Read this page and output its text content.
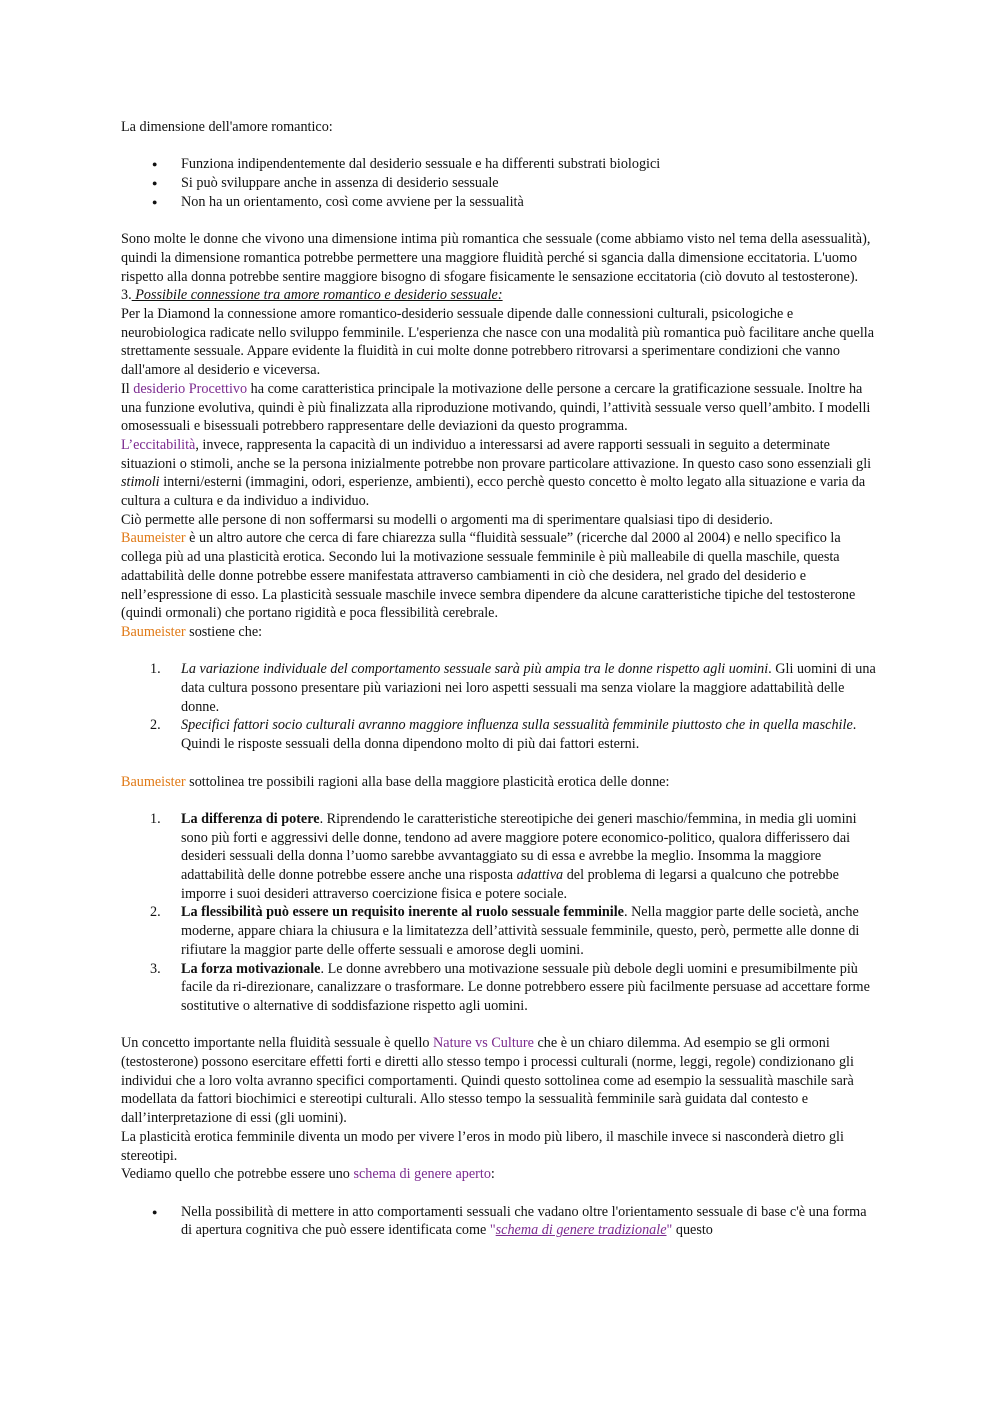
La dimensione dell'amore romantico:

● Funziona indipendentemente dal desiderio sessuale e ha differenti substrati biologici
● Si può sviluppare anche in assenza di desiderio sessuale
● Non ha un orientamento, così come avviene per la sessualità

Sono molte le donne che vivono una dimensione intima più romantica che sessuale (come abbiamo visto nel tema della asessualità), quindi la dimensione romantica potrebbe permettere una maggiore fluidità perché si sgancia dalla dimensione eccitatoria. L'uomo rispetto alla donna potrebbe sentire maggiore bisogno di sfogare fisicamente le sensazione eccitatoria (ciò dovuto al testosterone).

3. Possibile connessione tra amore romantico e desiderio sessuale:

Per la Diamond la connessione amore romantico-desiderio sessuale dipende dalle connessioni culturali, psicologiche e neurobiologica radicate nello sviluppo femminile. L'esperienza che nasce con una modalità più romantica può facilitare anche quella strettamente sessuale. Appare evidente la fluidità in cui molte donne potrebbero ritrovarsi a sperimentare condizioni che vanno dall'amore al desiderio e viceversa.

Il desiderio Procettivo ha come caratteristica principale la motivazione delle persone a cercare la gratificazione sessuale. Inoltre ha una funzione evolutiva, quindi è più finalizzata alla riproduzione motivando, quindi, l’attività sessuale verso quell’ambito. I modelli omosessuali e bisessuali potrebbero rappresentare delle deviazioni da questo programma.

L’eccitabilità, invece, rappresenta la capacità di un individuo a interessarsi ad avere rapporti sessuali in seguito a determinate situazioni o stimoli, anche se la persona inizialmente potrebbe non provare particolare attivazione. In questo caso sono essenziali gli stimoli interni/esterni (immagini, odori, esperienze, ambienti), ecco perchè questo concetto è molto legato alla situazione e varia da cultura a cultura e da individuo a individuo.

Ciò permette alle persone di non soffermarsi su modelli o argomenti ma di sperimentare qualsiasi tipo di desiderio.

Baumeister è un altro autore che cerca di fare chiarezza sulla “fluidità sessuale” (ricerche dal 2000 al 2004) e nello specifico la collega più ad una plasticità erotica. Secondo lui la motivazione sessuale femminile è più malleabile di quella maschile, questa adattabilità delle donne potrebbe essere manifestata attraverso cambiamenti in ciò che desidera, nel grado del desiderio e nell’espressione di esso. La plasticità sessuale maschile invece sembra dipendere da alcune caratteristiche tipiche del testosterone (quindi ormonali) che portano rigidità e poca flessibilità cerebrale.

Baumeister sostiene che:

1. La variazione individuale del comportamento sessuale sarà più ampia tra le donne rispetto agli uomini. Gli uomini di una data cultura possono presentare più variazioni nei loro aspetti sessuali ma senza violare la maggiore adattabilità delle donne.
2. Specifici fattori socio culturali avranno maggiore influenza sulla sessualità femminile piuttosto che in quella maschile. Quindi le risposte sessuali della donna dipendono molto di più dai fattori esterni.

Baumeister sottolinea tre possibili ragioni alla base della maggiore plasticità erotica delle donne:

1. La differenza di potere. Riprendendo le caratteristiche stereotipiche dei generi maschio/femmina, in media gli uomini sono più forti e aggressivi delle donne, tendono ad avere maggiore potere economico-politico, qualora differissero dai desideri sessuali della donna l’uomo sarebbe avvantaggiato su di essa e avrebbe la meglio. Insomma la maggiore adattabilità delle donne potrebbe essere anche una risposta adattiva del problema di legarsi a qualcuno che potrebbe imporre i suoi desideri attraverso coercizione fisica e potere sociale.
2. La flessibilità può essere un requisito inerente al ruolo sessuale femminile. Nella maggior parte delle società, anche moderne, appare chiara la chiusura e la limitatezza dell’attività sessuale femminile, questo, però, permette alle donne di rifiutare la maggior parte delle offerte sessuali e amorose degli uomini.
3. La forza motivazionale. Le donne avrebbero una motivazione sessuale più debole degli uomini e presumibilmente più facile da ri-direzionare, canalizzare o trasformare. Le donne potrebbero essere più facilmente persuase ad accettare forme sostitutive o alternative di soddisfazione rispetto agli uomini.

Un concetto importante nella fluidità sessuale è quello Nature vs Culture che è un chiaro dilemma. Ad esempio se gli ormoni (testosterone) possono esercitare effetti forti e diretti allo stesso tempo i processi culturali (norme, leggi, regole) condizionano gli individui che a loro volta avranno specifici comportamenti. Quindi questo sottolinea come ad esempio la sessualità maschile sarà modellata da fattori biochimici e stereotipi culturali. Allo stesso tempo la sessualità femminile sarà guidata dal contesto e dall’interpretazione di essi (gli uomini).

La plasticità erotica femminile diventa un modo per vivere l’eros in modo più libero, il maschile invece si nasconderà dietro gli stereotipi.

Vediamo quello che potrebbe essere uno schema di genere aperto:

● Nella possibilità di mettere in atto comportamenti sessuali che vadano oltre l'orientamento sessuale di base c'è una forma di apertura cognitiva che può essere identificata come "schema di genere tradizionale" questo
